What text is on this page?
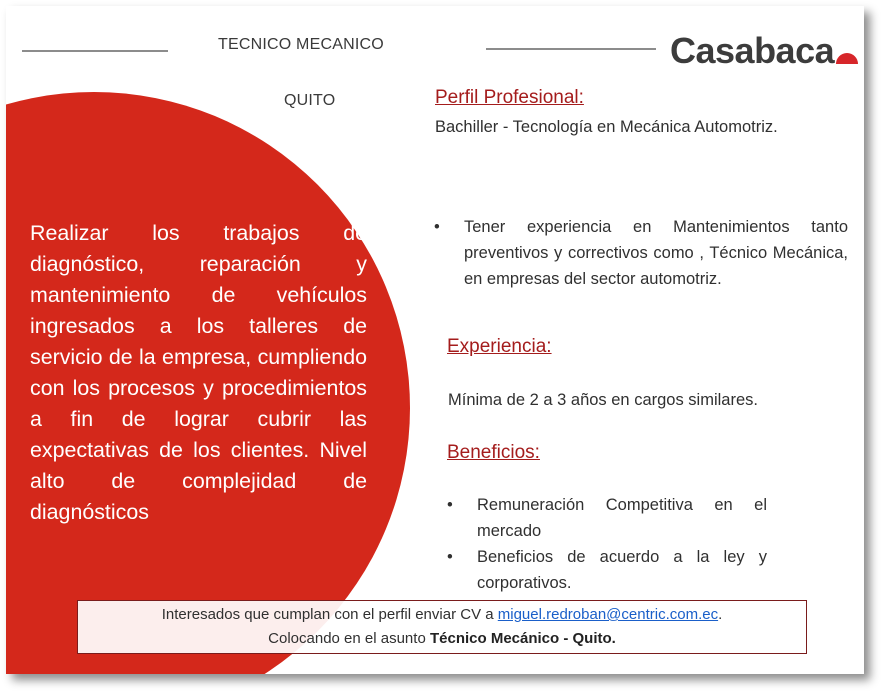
TECNICO MECANICO	Casabaca
QUITO
Realizar los trabajos de diagnóstico, reparación y mantenimiento de vehículos ingresados a los talleres de servicio de la empresa, cumpliendo con los procesos y procedimientos a fin de lograr cubrir las expectativas de los clientes. Nivel alto de complejidad de diagnósticos
Perfil Profesional:
Bachiller - Tecnología en Mecánica Automotriz.
• Tener experiencia en Mantenimientos tanto preventivos y correctivos como , Técnico Mecánica, en empresas del sector automotriz.
Experiencia:
Mínima de 2 a 3 años en cargos similares.
Beneficios:
• Remuneración Competitiva en el mercado
• Beneficios de acuerdo a la ley y corporativos.
Interesados que cumplan con el perfil enviar CV a miguel.redroban@centric.com.ec.
Colocando en el asunto Técnico Mecánico - Quito.
